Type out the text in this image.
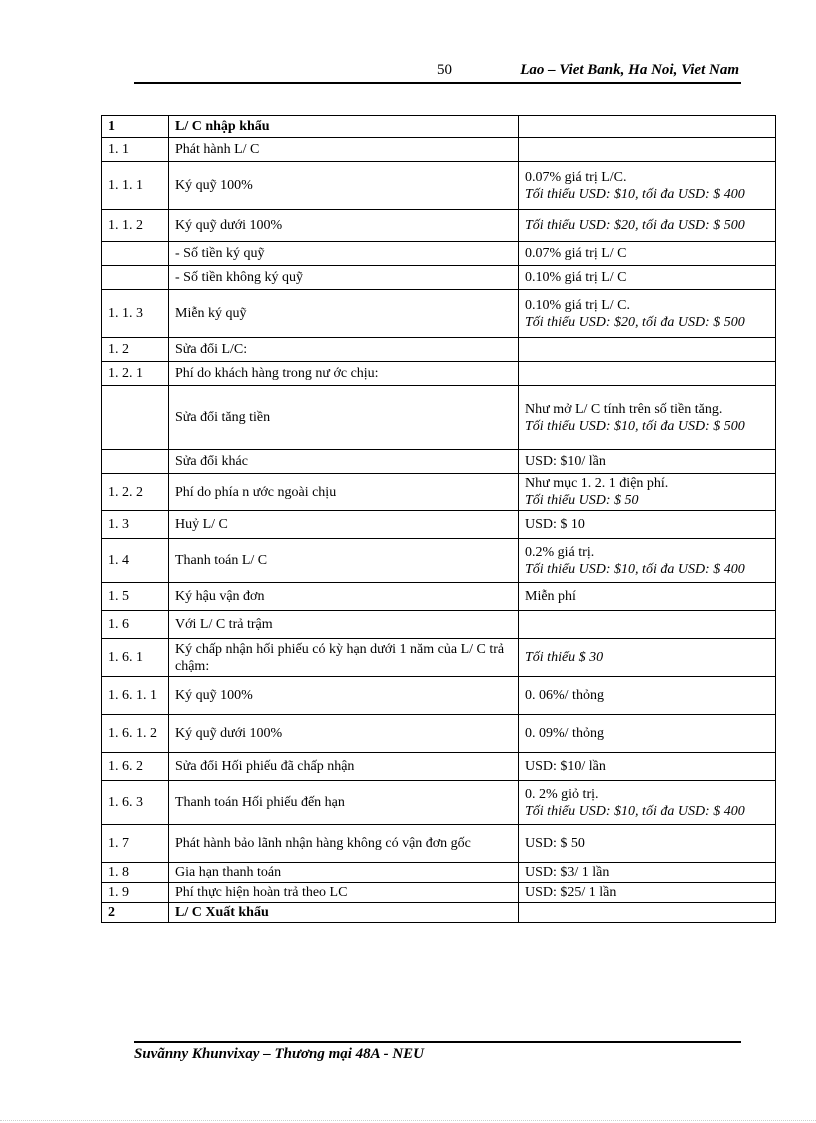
50	Lao – Viet Bank, Ha Noi, Viet Nam
1	L/ C nhập khẩu	
1. 1	Phát hành L/ C	
1. 1. 1	Ký quỹ 100%	0.07% giá trị L/C.
Tối thiểu USD: $10, tối đa USD: $ 400

1. 1. 2	Ký quỹ dưới 100%	Tối thiểu USD: $20, tối đa USD: $ 500

	- Số tiền ký quỹ	0.07% giá trị L/ C

	- Số tiền không ký quỹ	0.10% giá trị L/ C

1. 1. 3	Miễn ký quỹ	0.10% giá trị L/ C.
Tối thiểu USD: $20, tối đa USD: $ 500

1. 2	Sửa đổi L/C:	
1. 2. 1	Phí do khách hàng trong nư ớc chịu:	
	Sửa đổi tăng tiền	Như mở L/ C tính trên số tiền tăng.
Tối thiểu USD: $10, tối đa USD: $ 500

	Sửa đổi khác	USD: $10/ lần

1. 2. 2	Phí do phía n ước ngoài chịu	Như mục 1. 2. 1 điện phí.
Tối thiểu USD: $ 50

1. 3	Huỷ L/ C	USD: $ 10

1. 4	Thanh toán L/ C	0.2% giá trị.
Tối thiểu USD: $10, tối đa USD: $ 400

1. 5	Ký hậu vận đơn	Miễn phí

1. 6	Với L/ C trả trậm	
1. 6. 1	Ký chấp nhận hối phiếu có kỳ hạn dưới 1 năm của L/ C trả chậm:	Tối thiểu $ 30

1. 6. 1. 1	Ký quỹ 100%	0. 06%/ thỏng

1. 6. 1. 2	Ký quỹ dưới 100%	0. 09%/ thỏng

1. 6. 2	Sửa đổi Hối phiếu đã chấp nhận	USD: $10/ lần

1. 6. 3	Thanh toán Hối phiếu đến hạn	0. 2% giỏ trị.
Tối thiểu USD: $10, tối đa USD: $ 400

1. 7	Phát hành bảo lãnh nhận hàng không có vận đơn gốc	USD: $ 50

1. 8	Gia hạn thanh toán	USD: $3/ 1 lần

1. 9	Phí thực hiện hoàn trả theo LC	USD: $25/ 1 lần

2	L/ C Xuất khẩu	
Suvãnny Khunvixay – Thương mại 48A - NEU
